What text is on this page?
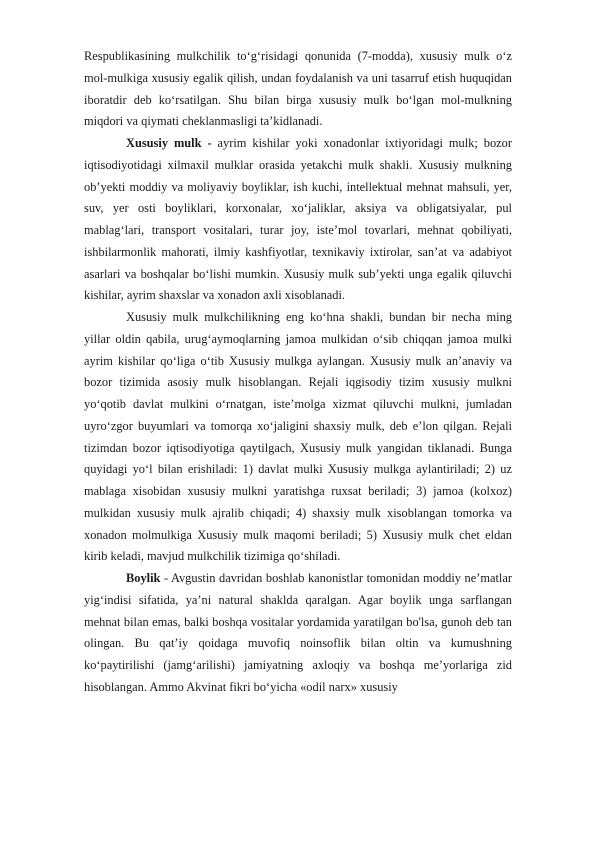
Respublikasining mulkchilik to‘g‘risidagi qonunida (7-modda), xususiy mulk o‘z mol-mulkiga xususiy egalik qilish, undan foydalanish va uni tasarruf etish huquqidan iboratdir deb ko‘rsatilgan. Shu bilan birga xususiy mulk bo‘lgan mol-mulkning miqdori va qiymati cheklanmasligi ta’kidlanadi.

Xususiy mulk - ayrim kishilar yoki xonadonlar ixtiyoridagi mulk; bozor iqtisodiyotidagi xilmaxil mulklar orasida yetakchi mulk shakli. Xususiy mulkning ob’yekti moddiy va moliyaviy boyliklar, ish kuchi, intellektual mehnat mahsuli, yer, suv, yer osti boyliklari, korxonalar, xo‘jaliklar, aksiya va obligatsiyalar, pul mablag‘lari, transport vositalari, turar joy, iste’mol tovarlari, mehnat qobiliyati, ishbilarmonlik mahorati, ilmiy kashfiyotlar, texnikaviy ixtirolar, san’at va adabiyot asarlari va boshqalar bo‘lishi mumkin. Xususiy mulk sub’yekti unga egalik qiluvchi kishilar, ayrim shaxslar va xonadon axli xisoblanadi.

Xususiy mulk mulkchilikning eng ko‘hna shakli, bundan bir necha ming yillar oldin qabila, urug‘aymoqlarning jamoa mulkidan o‘sib chiqqan jamoa mulki ayrim kishilar qo‘liga o‘tib Xususiy mulkga aylangan. Xususiy mulk an’anaviy va bozor tizimida asosiy mulk hisoblangan. Rejali iqgisodiy tizim xususiy mulkni yo‘qotib davlat mulkini o‘rnatgan, iste’molga xizmat qiluvchi mulkni, jumladan uyro‘zgor buyumlari va tomorqa xo‘jaligini shaxsiy mulk, deb e’lon qilgan. Rejali tizimdan bozor iqtisodiyotiga qaytilgach, Xususiy mulk yangidan tiklanadi. Bunga quyidagi yo‘l bilan erishiladi: 1) davlat mulki Xususiy mulkga aylantiriladi; 2) uz mablaga xisobidan xususiy mulkni yaratishga ruxsat beriladi; 3) jamoa (kolxoz) mulkidan xususiy mulk ajralib chiqadi; 4) shaxsiy mulk xisoblangan tomorka va xonadon molmulkiga Xususiy mulk maqomi beriladi; 5) Xususiy mulk chet eldan kirib keladi, mavjud mulkchilik tizimiga qo‘shiladi.

Boylik - Avgustin davridan boshlab kanonistlar tomonidan moddiy ne’matlar yig‘indisi sifatida, ya’ni natural shaklda qaralgan. Agar boylik unga sarflangan mehnat bilan emas, balki boshqa vositalar yordamida yaratilgan bo'lsa, gunoh deb tan olingan. Bu qat’iy qoidaga muvofiq noinsoflik bilan oltin va kumushning ko‘paytirilishi (jamg‘arilishi) jamiyatning axloqiy va boshqa me’yorlariga zid hisoblangan. Ammo Akvinat fikri bo‘yicha «odil narx» xususiy
